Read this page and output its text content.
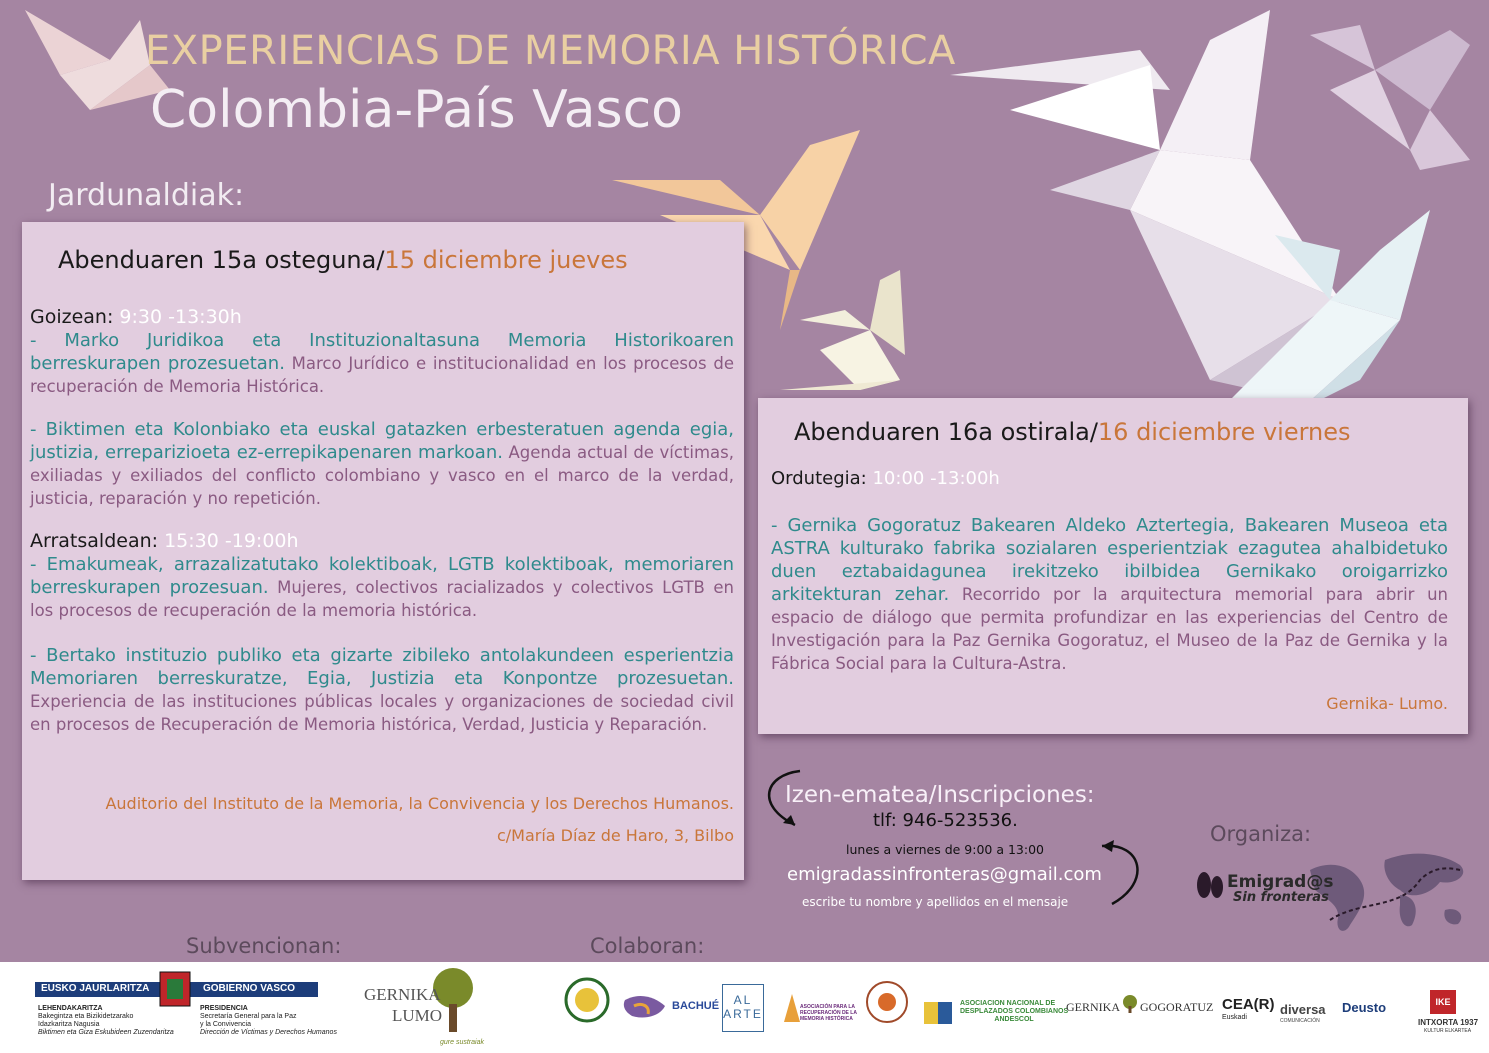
EXPERIENCIAS DE MEMORIA HISTÓRICA
Colombia-País Vasco
Jardunaldiak:
Abenduaren 15a osteguna/15 diciembre jueves
Goizean: 9:30 -13:30h
- Marko Juridikoa eta Instituzionaltasuna Memoria Historikoaren berreskurapen prozesuetan. Marco Jurídico e institucionalidad en los procesos de recuperación de Memoria Histórica.
- Biktimen eta Kolonbiako eta euskal gatazken erbesteratuen agenda egia, justizia, erreparizioeta ez-errepikapenaren markoan. Agenda actual de víctimas, exiliadas y exiliados del conflicto colombiano y vasco en el marco de la verdad, justicia, reparación y no repetición.
Arratsaldean: 15:30 -19:00h
- Emakumeak, arrazalizatutako kolektiboak, LGTB kolektiboak, memoriaren berreskurapen prozesuan. Mujeres, colectivos racializados y colectivos LGTB en los procesos de recuperación de la memoria histórica.
- Bertako instituzio publiko eta gizarte zibileko antolakundeen esperientzia Memoriaren berreskuratze, Egia, Justizia eta Konpontze prozesuetan. Experiencia de las instituciones públicas locales y organizaciones de sociedad civil en procesos de Recuperación de Memoria histórica, Verdad, Justicia y Reparación.
Auditorio del Instituto de la Memoria, la Convivencia y los Derechos Humanos.
c/María Díaz de Haro, 3, Bilbo
Abenduaren 16a ostirala/16 diciembre viernes
Ordutegia: 10:00 -13:00h
- Gernika Gogoratuz Bakearen Aldeko Aztertegia, Bakearen Museoa eta ASTRA kulturako fabrika sozialaren esperientziak ezagutea ahalbidetuko duen eztabaidagunea irekitzeko ibilbidea Gernikako oroigarrizko arkitekturan zehar. Recorrido por la arquitectura memorial para abrir un espacio de diálogo que permita profundizar en las experiencias del Centro de Investigación para la Paz Gernika Gogoratuz, el Museo de la Paz de Gernika y la Fábrica Social para la Cultura-Astra.
Gernika- Lumo.
Izen-ematea/Inscripciones:
tlf: 946-523536.
lunes a viernes de 9:00 a 13:00
emigradassinfronteras@gmail.com
escribe tu nombre y apellidos en el mensaje
Organiza:
Emigrad@s
Sin fronteras
Subvencionan:	Colaboran:
EUSKO JAURLARITZA	GOBIERNO VASCO
LEHENDAKARITZA
Bakegintza eta Bizikidetzarako
Idazkaritza Nagusia
Biktimen eta Giza Eskubideen Zuzendaritza
PRESIDENCIA
Secretaría General para la Paz
y la Convivencia
Dirección de Víctimas y Derechos Humanos
GERNIKA
LUMO
gure sustraiak
BACHUÉ	AL ARTE	ASOCIACIÓN PARA LA RECUPERACIÓN DE LA MEMORIA HISTÓRICA
ASOCIACION NACIONAL DE
DESPLAZADOS COLOMBIANOS
ANDESCOL
GERNIKA GOGORATUZ CEA(R)
Euskadi
diversa
COMUNICACIÓN
Deusto	IKE
INTXORTA 1937
KULTUR ELKARTEA
